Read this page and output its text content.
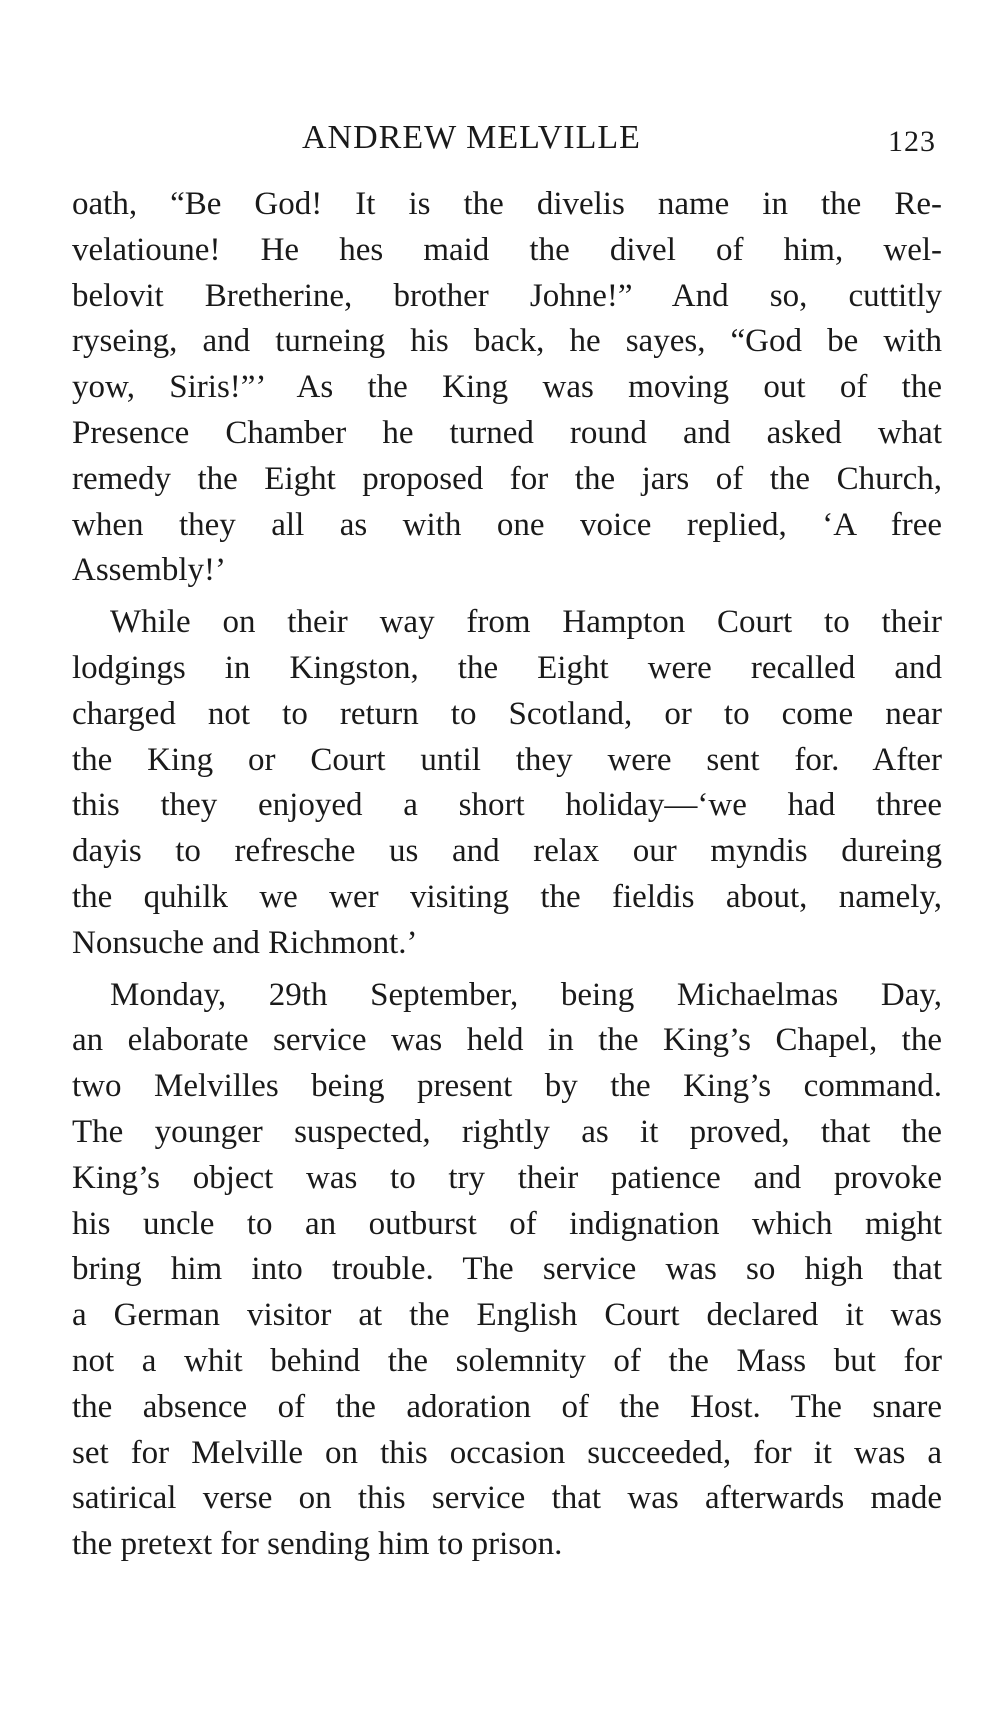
ANDREW MELVILLE	123
oath, “Be God! It is the divelis name in the Re-
velatioune! He hes maid the divel of him, wel-
belovit Bretherine, brother Johne!” And so, cuttitly
ryseing, and turneing his back, he sayes, “God be with
yow, Siris!”’ As the King was moving out of the
Presence Chamber he turned round and asked what
remedy the Eight proposed for the jars of the Church,
when they all as with one voice replied, ‘A free
Assembly!’
While on their way from Hampton Court to their
lodgings in Kingston, the Eight were recalled and
charged not to return to Scotland, or to come near
the King or Court until they were sent for. After
this they enjoyed a short holiday—‘we had three
dayis to refresche us and relax our myndis dureing
the quhilk we wer visiting the fieldis about, namely,
Nonsuche and Richmont.’
Monday, 29th September, being Michaelmas Day,
an elaborate service was held in the King’s Chapel, the
two Melvilles being present by the King’s command.
The younger suspected, rightly as it proved, that the
King’s object was to try their patience and provoke
his uncle to an outburst of indignation which might
bring him into trouble. The service was so high that
a German visitor at the English Court declared it was
not a whit behind the solemnity of the Mass but for
the absence of the adoration of the Host. The snare
set for Melville on this occasion succeeded, for it was a
satirical verse on this service that was afterwards made
the pretext for sending him to prison.
